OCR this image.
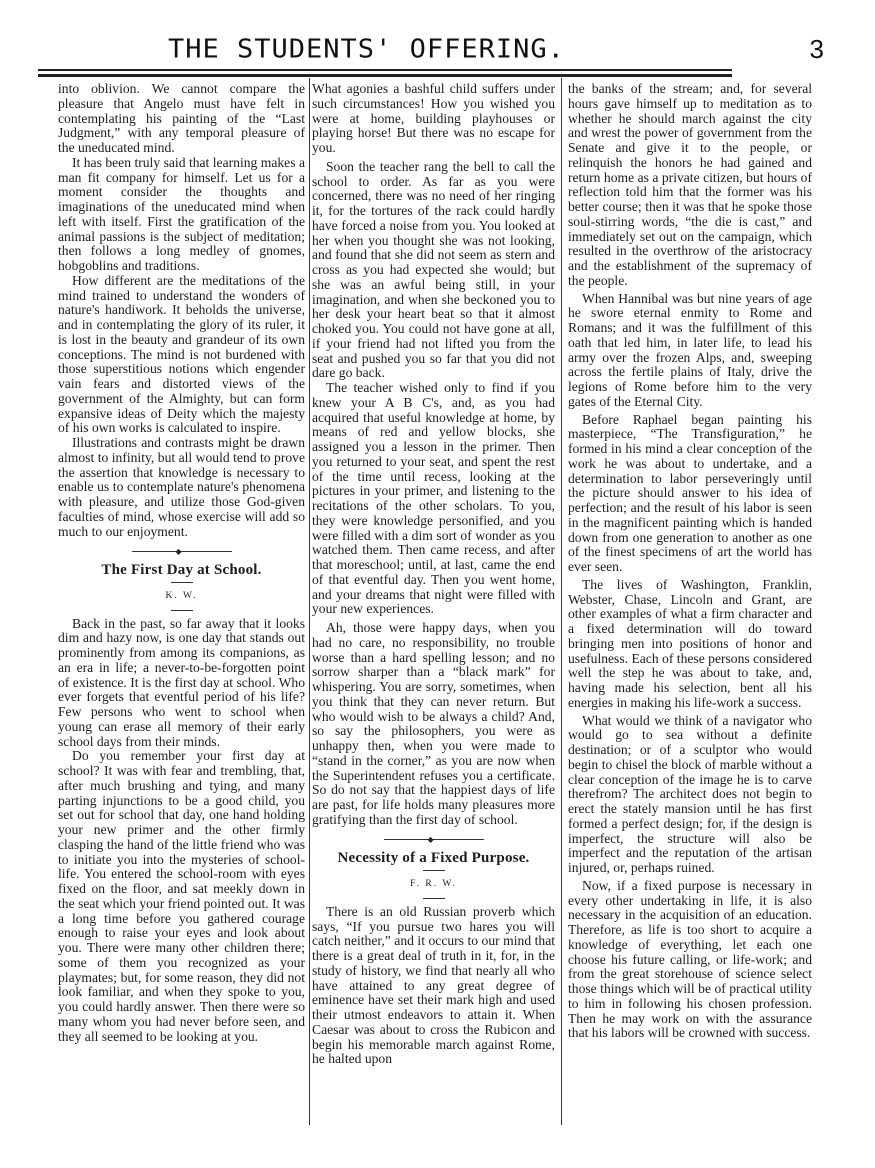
THE STUDENTS' OFFERING.	3

into oblivion. We cannot compare the pleasure that Angelo must have felt in contemplating his painting of the “Last Judgment,” with any temporal pleasure of the uneducated mind.

It has been truly said that learning makes a man fit company for himself. Let us for a moment consider the thoughts and imaginations of the uneducated mind when left with itself. First the gratification of the animal passions is the subject of meditation; then follows a long medley of gnomes, hobgoblins and traditions.

How different are the meditations of the mind trained to understand the wonders of nature's handiwork. It beholds the universe, and in contemplating the glory of its ruler, it is lost in the beauty and grandeur of its own conceptions. The mind is not burdened with those superstitious notions which engender vain fears and distorted views of the government of the Almighty, but can form expansive ideas of Deity which the majesty of his own works is calculated to inspire.

Illustrations and contrasts might be drawn almost to infinity, but all would tend to prove the assertion that knowledge is necessary to enable us to contemplate nature's phenomena with pleasure, and utilize those God-given faculties of mind, whose exercise will add so much to our enjoyment.

◆
The First Day at School.
K. W.

Back in the past, so far away that it looks dim and hazy now, is one day that stands out prominently from among its companions, as an era in life; a never-to-be-forgotten point of existence. It is the first day at school. Who ever forgets that eventful period of his life? Few persons who went to school when young can erase all memory of their early school days from their minds.

Do you remember your first day at school? It was with fear and trembling, that, after much brushing and tying, and many parting injunctions to be a good child, you set out for school that day, one hand holding your new primer and the other firmly clasping the hand of the little friend who was to initiate you into the mysteries of school-life. You entered the school-room with eyes fixed on the floor, and sat meekly down in the seat which your friend pointed out. It was a long time before you gathered courage enough to raise your eyes and look about you. There were many other children there; some of them you recognized as your playmates; but, for some reason, they did not look familiar, and when they spoke to you, you could hardly answer. Then there were so many whom you had never before seen, and they all seemed to be looking at you.

What agonies a bashful child suffers under such circumstances! How you wished you were at home, building playhouses or playing horse! But there was no escape for you.

Soon the teacher rang the bell to call the school to order. As far as you were concerned, there was no need of her ringing it, for the tortures of the rack could hardly have forced a noise from you. You looked at her when you thought she was not looking, and found that she did not seem as stern and cross as you had expected she would; but she was an awful being still, in your imagination, and when she beckoned you to her desk your heart beat so that it almost choked you. You could not have gone at all, if your friend had not lifted you from the seat and pushed you so far that you did not dare go back.

The teacher wished only to find if you knew your A B C's, and, as you had acquired that useful knowledge at home, by means of red and yellow blocks, she assigned you a lesson in the primer. Then you returned to your seat, and spent the rest of the time until recess, looking at the pictures in your primer, and listening to the recitations of the other scholars. To you, they were knowledge personified, and you were filled with a dim sort of wonder as you watched them. Then came recess, and after that moreschool; until, at last, came the end of that eventful day. Then you went home, and your dreams that night were filled with your new experiences.

Ah, those were happy days, when you had no care, no responsibility, no trouble worse than a hard spelling lesson; and no sorrow sharper than a “black mark” for whispering. You are sorry, sometimes, when you think that they can never return. But who would wish to be always a child? And, so say the philosophers, you were as unhappy then, when you were made to “stand in the corner,” as you are now when the Superintendent refuses you a certificate. So do not say that the happiest days of life are past, for life holds many pleasures more gratifying than the first day of school.

◆
Necessity of a Fixed Purpose.
F. R. W.

There is an old Russian proverb which says, “If you pursue two hares you will catch neither,” and it occurs to our mind that there is a great deal of truth in it, for, in the study of history, we find that nearly all who have attained to any great degree of eminence have set their mark high and used their utmost endeavors to attain it. When Caesar was about to cross the Rubicon and begin his memorable march against Rome, he halted upon

the banks of the stream; and, for several hours gave himself up to meditation as to whether he should march against the city and wrest the power of government from the Senate and give it to the people, or relinquish the honors he had gained and return home as a private citizen, but hours of reflection told him that the former was his better course; then it was that he spoke those soul-stirring words, “the die is cast,” and immediately set out on the campaign, which resulted in the overthrow of the aristocracy and the establishment of the supremacy of the people.

When Hannibal was but nine years of age he swore eternal enmity to Rome and Romans; and it was the fulfillment of this oath that led him, in later life, to lead his army over the frozen Alps, and, sweeping across the fertile plains of Italy, drive the legions of Rome before him to the very gates of the Eternal City.

Before Raphael began painting his masterpiece, “The Transfiguration,” he formed in his mind a clear conception of the work he was about to undertake, and a determination to labor perseveringly until the picture should answer to his idea of perfection; and the result of his labor is seen in the magnificent painting which is handed down from one generation to another as one of the finest specimens of art the world has ever seen.

The lives of Washington, Franklin, Webster, Chase, Lincoln and Grant, are other examples of what a firm character and a fixed determination will do toward bringing men into positions of honor and usefulness. Each of these persons considered well the step he was about to take, and, having made his selection, bent all his energies in making his life-work a success.

What would we think of a navigator who would go to sea without a definite destination; or of a sculptor who would begin to chisel the block of marble without a clear conception of the image he is to carve therefrom? The architect does not begin to erect the stately mansion until he has first formed a perfect design; for, if the design is imperfect, the structure will also be imperfect and the reputation of the artisan injured, or, perhaps ruined.

Now, if a fixed purpose is necessary in every other undertaking in life, it is also necessary in the acquisition of an education. Therefore, as life is too short to acquire a knowledge of everything, let each one choose his future calling, or life-work; and from the great storehouse of science select those things which will be of practical utility to him in following his chosen profession. Then he may work on with the assurance that his labors will be crowned with success.
